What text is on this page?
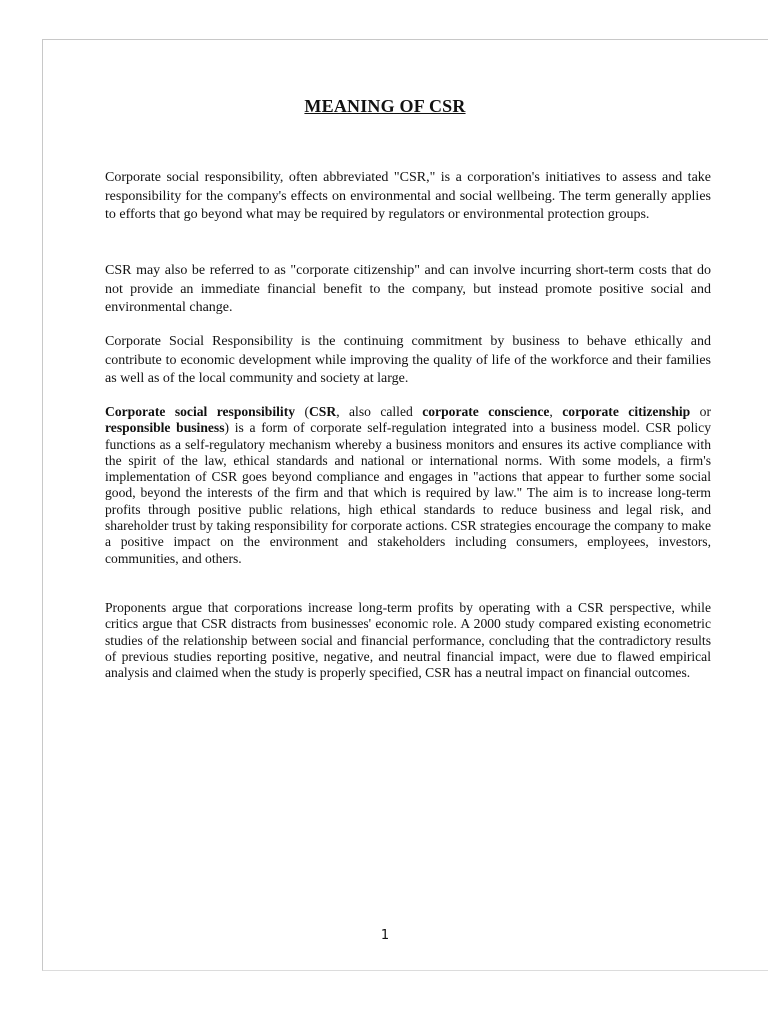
MEANING OF CSR

Corporate social responsibility, often abbreviated "CSR," is a corporation's initiatives to assess and take responsibility for the company's effects on environmental and social wellbeing. The term generally applies to efforts that go beyond what may be required by regulators or environmental protection groups.

CSR may also be referred to as "corporate citizenship" and can involve incurring short-term costs that do not provide an immediate financial benefit to the company, but instead promote positive social and environmental change.

Corporate Social Responsibility is the continuing commitment by business to behave ethically and contribute to economic development while improving the quality of life of the workforce and their families as well as of the local community and society at large.

Corporate social responsibility (CSR, also called corporate conscience, corporate citizenship or responsible business) is a form of corporate self-regulation integrated into a business model. CSR policy functions as a self-regulatory mechanism whereby a business monitors and ensures its active compliance with the spirit of the law, ethical standards and national or international norms. With some models, a firm's implementation of CSR goes beyond compliance and engages in "actions that appear to further some social good, beyond the interests of the firm and that which is required by law." The aim is to increase long-term profits through positive public relations, high ethical standards to reduce business and legal risk, and shareholder trust by taking responsibility for corporate actions. CSR strategies encourage the company to make a positive impact on the environment and stakeholders including consumers, employees, investors, communities, and others.

Proponents argue that corporations increase long-term profits by operating with a CSR perspective, while critics argue that CSR distracts from businesses' economic role. A 2000 study compared existing econometric studies of the relationship between social and financial performance, concluding that the contradictory results of previous studies reporting positive, negative, and neutral financial impact, were due to flawed empirical analysis and claimed when the study is properly specified, CSR has a neutral impact on financial outcomes.

1
